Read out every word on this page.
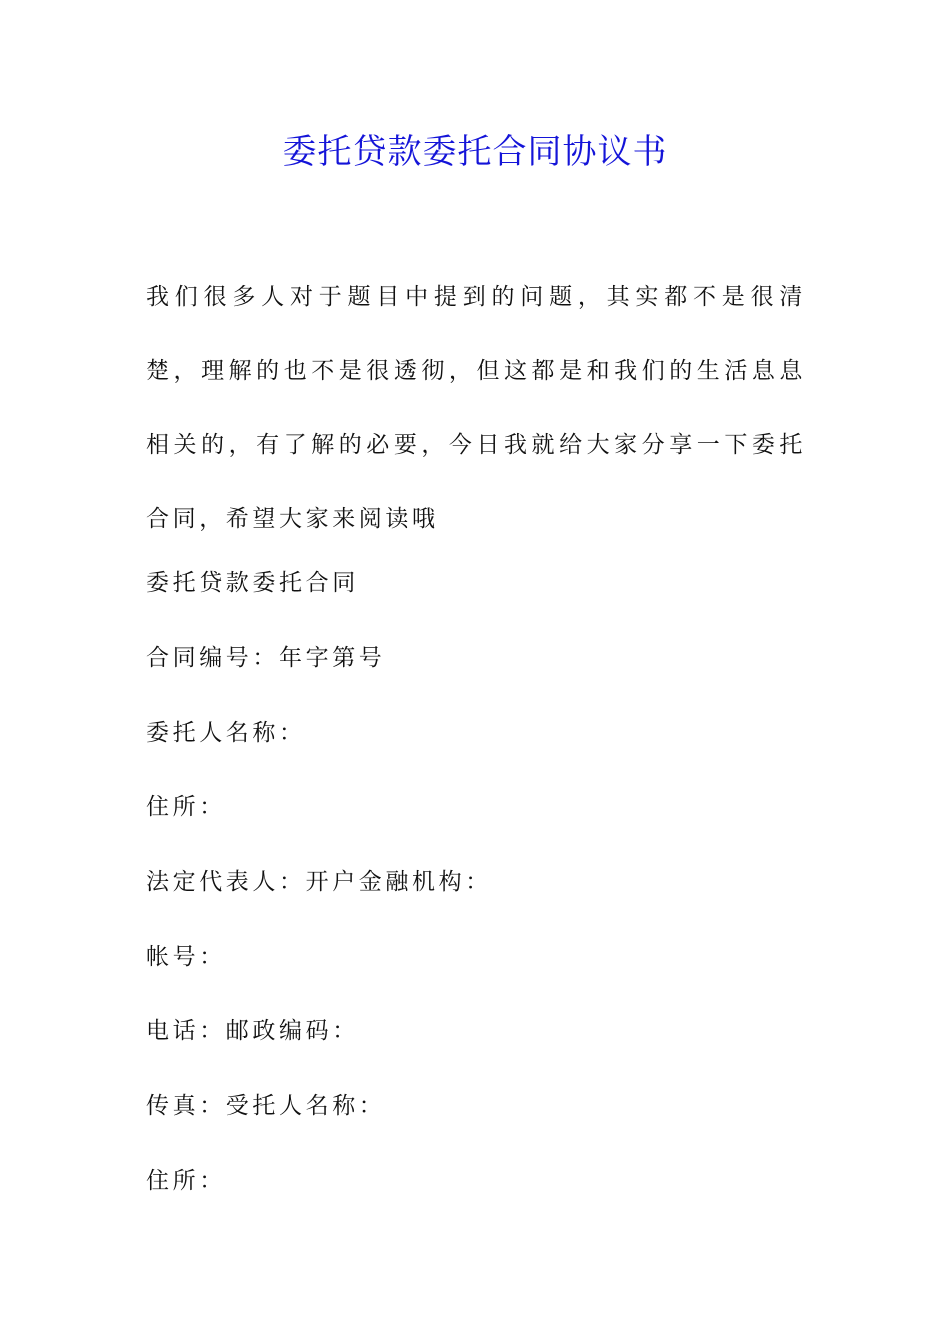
委托贷款委托合同协议书

我们很多人对于题目中提到的问题，其实都不是很清楚，理解的也不是很透彻，但这都是和我们的生活息息相关的，有了解的必要，今日我就给大家分享一下委托合同，希望大家来阅读哦

委托贷款委托合同

合同编号：年字第号

委托人名称：

住所：

法定代表人：开户金融机构：

帐号：

电话：邮政编码：

传真：受托人名称：

住所：
